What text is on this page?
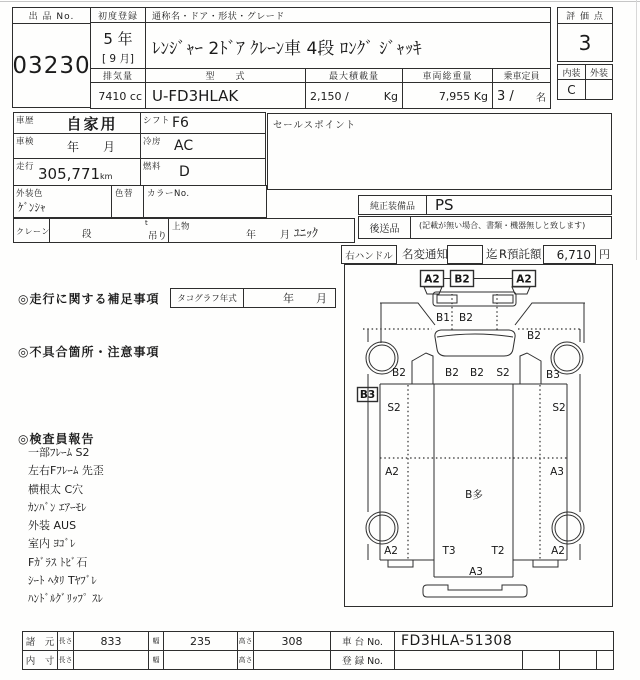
出 品 No.
03230
初度登録
5 年
[ 9 月]
通称名・ドア・形状・グレード
ﾚﾝｼﾞｬｰ 2ﾄﾞｱ ｸﾚｰﾝ車 4段 ﾛﾝｸﾞ ｼﾞｬｯｷ
排気量
7410 cc
型　　式
U-FD3HLAK
最大積載量
2,150 /	Kg
車両総重量
7,955 Kg
乗車定員
3 / 名
評 価 点
3
内装	外装
C
車歴	自家用	シフト F6
車検	年　月	冷房 AC
走行 305,771km
燃料 D
外装色
ｹﾞﾝｼｬ
色替 カラーNo.
クレーン	段
t
吊り
上物
年 月 ﾕﾆｯｸ
セールスポイント
純正装備品	PS
後送品	(記載が無い場合、書類・機器無しと致します)
右ハンドル 名変通知	迄 R預託額 6,710 円
◎走行に関する補足事項	タコグラフ年式	年　　月
◎不具合箇所・注意事項
◎検査員報告
一部ﾌﾚｰﾑ S2
左右Fﾌﾚｰﾑ 先歪
横根太 C穴
ｶﾝﾊﾞﾝ ｴｱｰﾓﾚ
外装 AUS
室内 ﾖｺﾞﾚ
Fｶﾞﾗｽ ﾄﾋﾞ石
ｼｰﾄ ﾍﾀﾘ Tﾔﾌﾞﾚ
ﾊﾝﾄﾞﾙｸﾞﾘｯﾌﾟ ｽﾚ
A2 B2	A2
B1 B2
B2
B2	B2 B2 S2	B3
B3
S2	S2
A2	A3
B多
A2	T3	T2	A2
A3
諸　元 長さ	833	幅	235	高さ	308	車 台 No.	FD3HLA-51308
内　寸 長さ	幅	高さ	登 録 No.
